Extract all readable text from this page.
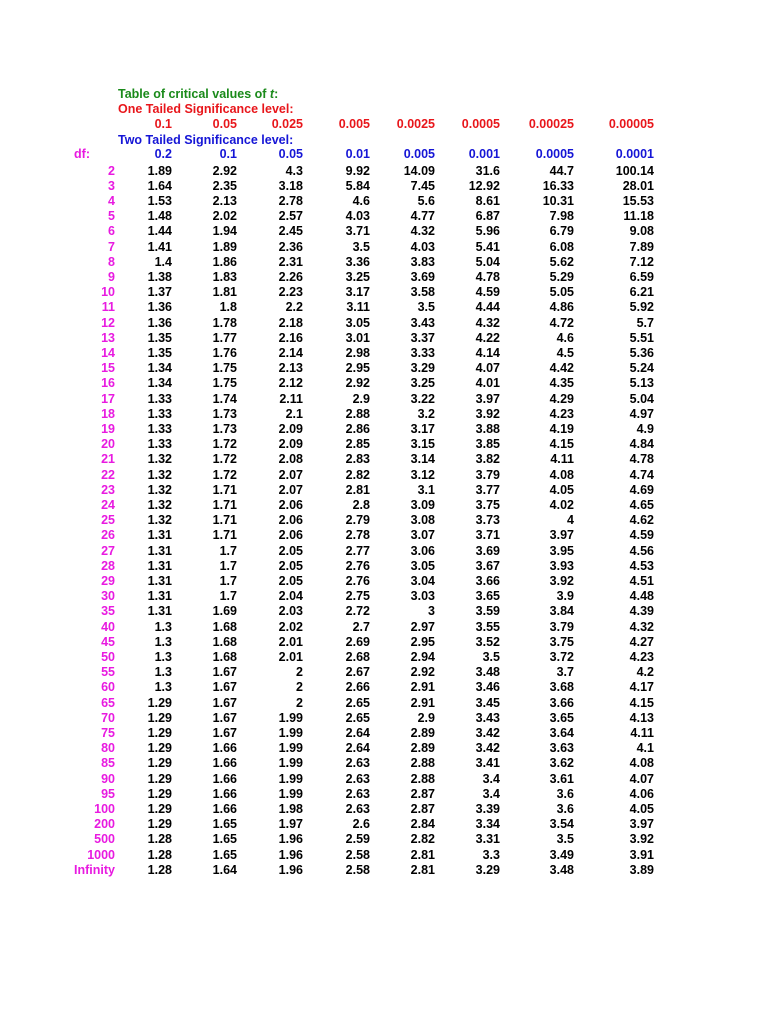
Table of critical values of t:
One Tailed Significance level:
0.1	0.05	0.025	0.005 0.0025 0.0005 0.00025	0.00005
Two Tailed Significance level:
df:	0.2	0.1	0.05	0.01	0.005	0.001	0.0005	0.0001
2	1.89	2.92	4.3	9.92	14.09	31.6	44.7	100.14
3	1.64	2.35	3.18	5.84	7.45	12.92	16.33	28.01
4	1.53	2.13	2.78	4.6	5.6	8.61	10.31	15.53
5	1.48	2.02	2.57	4.03	4.77	6.87	7.98	11.18
6	1.44	1.94	2.45	3.71	4.32	5.96	6.79	9.08
7	1.41	1.89	2.36	3.5	4.03	5.41	6.08	7.89
8	1.4	1.86	2.31	3.36	3.83	5.04	5.62	7.12
9	1.38	1.83	2.26	3.25	3.69	4.78	5.29	6.59
10	1.37	1.81	2.23	3.17	3.58	4.59	5.05	6.21
11	1.36	1.8	2.2	3.11	3.5	4.44	4.86	5.92
12	1.36	1.78	2.18	3.05	3.43	4.32	4.72	5.7
13	1.35	1.77	2.16	3.01	3.37	4.22	4.6	5.51
14	1.35	1.76	2.14	2.98	3.33	4.14	4.5	5.36
15	1.34	1.75	2.13	2.95	3.29	4.07	4.42	5.24
16	1.34	1.75	2.12	2.92	3.25	4.01	4.35	5.13
17	1.33	1.74	2.11	2.9	3.22	3.97	4.29	5.04
18	1.33	1.73	2.1	2.88	3.2	3.92	4.23	4.97
19	1.33	1.73	2.09	2.86	3.17	3.88	4.19	4.9
20	1.33	1.72	2.09	2.85	3.15	3.85	4.15	4.84
21	1.32	1.72	2.08	2.83	3.14	3.82	4.11	4.78
22	1.32	1.72	2.07	2.82	3.12	3.79	4.08	4.74
23	1.32	1.71	2.07	2.81	3.1	3.77	4.05	4.69
24	1.32	1.71	2.06	2.8	3.09	3.75	4.02	4.65
25	1.32	1.71	2.06	2.79	3.08	3.73	4	4.62
26	1.31	1.71	2.06	2.78	3.07	3.71	3.97	4.59
27	1.31	1.7	2.05	2.77	3.06	3.69	3.95	4.56
28	1.31	1.7	2.05	2.76	3.05	3.67	3.93	4.53
29	1.31	1.7	2.05	2.76	3.04	3.66	3.92	4.51
30	1.31	1.7	2.04	2.75	3.03	3.65	3.9	4.48
35	1.31	1.69	2.03	2.72	3	3.59	3.84	4.39
40	1.3	1.68	2.02	2.7	2.97	3.55	3.79	4.32
45	1.3	1.68	2.01	2.69	2.95	3.52	3.75	4.27
50	1.3	1.68	2.01	2.68	2.94	3.5	3.72	4.23
55	1.3	1.67	2	2.67	2.92	3.48	3.7	4.2
60	1.3	1.67	2	2.66	2.91	3.46	3.68	4.17
65	1.29	1.67	2	2.65	2.91	3.45	3.66	4.15
70	1.29	1.67	1.99	2.65	2.9	3.43	3.65	4.13
75	1.29	1.67	1.99	2.64	2.89	3.42	3.64	4.11
80	1.29	1.66	1.99	2.64	2.89	3.42	3.63	4.1
85	1.29	1.66	1.99	2.63	2.88	3.41	3.62	4.08
90	1.29	1.66	1.99	2.63	2.88	3.4	3.61	4.07
95	1.29	1.66	1.99	2.63	2.87	3.4	3.6	4.06
100	1.29	1.66	1.98	2.63	2.87	3.39	3.6	4.05
200	1.29	1.65	1.97	2.6	2.84	3.34	3.54	3.97
500	1.28	1.65	1.96	2.59	2.82	3.31	3.5	3.92
1000	1.28	1.65	1.96	2.58	2.81	3.3	3.49	3.91
Infinity	1.28	1.64	1.96	2.58	2.81	3.29	3.48	3.89
